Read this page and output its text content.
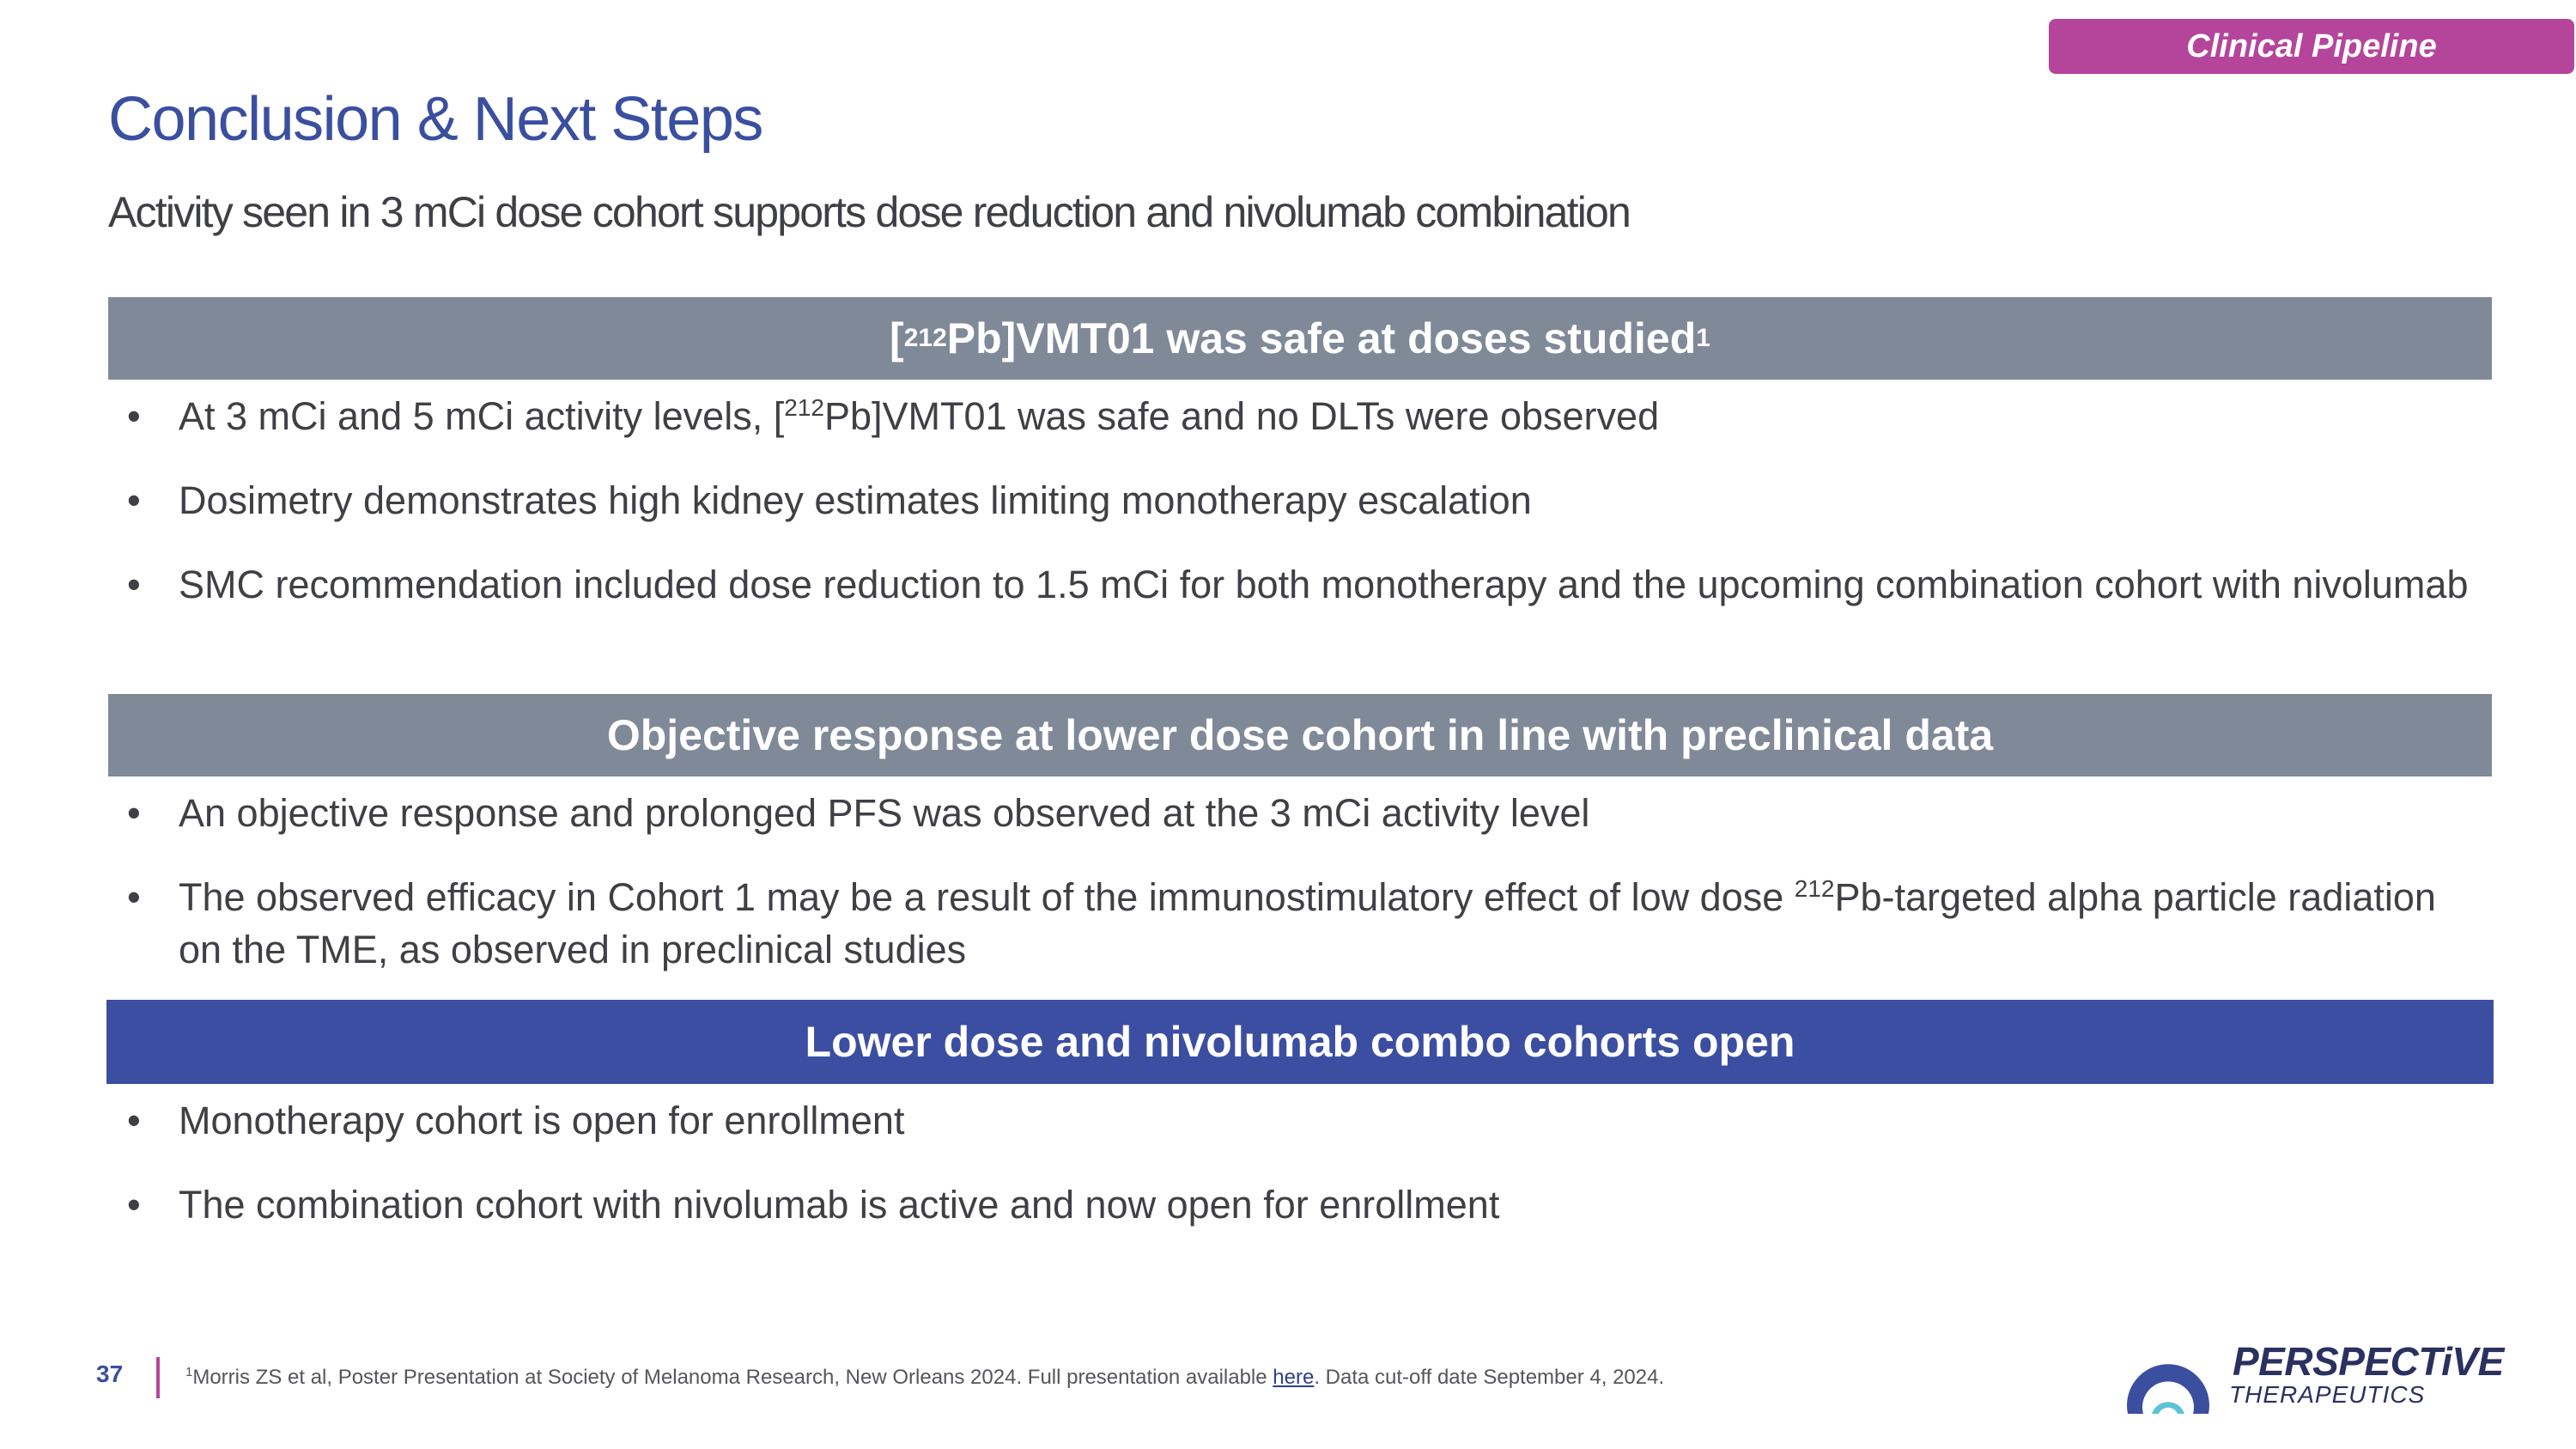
Clinical Pipeline
Conclusion & Next Steps
Activity seen in 3 mCi dose cohort supports dose reduction and nivolumab combination
[ 212 Pb]VMT01 was safe at doses studied 1
• At 3 mCi and 5 mCi activity levels, [$^{212}$Pb]VMT01 was safe and no DLTs were observed
• Dosimetry demonstrates high kidney estimates limiting monotherapy escalation
• SMC recommendation included dose reduction to 1.5 mCi for both monotherapy and the upcoming combination cohort with nivolumab
Objective response at lower dose cohort in line with preclinical data
• An objective response and prolonged PFS was observed at the 3 mCi activity level
• The observed efficacy in Cohort 1 may be a result of the immunostimulatory effect of low dose $^{212}$Pb-targeted alpha particle radiation on the TME, as observed in preclinical studies
Lower dose and nivolumab combo cohorts open
• Monotherapy cohort is open for enrollment
• The combination cohort with nivolumab is active and now open for enrollment
37	$^1$Morris ZS et al, Poster Presentation at Society of Melanoma Research, New Orleans 2024. Full presentation available here. Data cut-off date September 4, 2024.	PERSPECTiVE
THERAPEUTICS
